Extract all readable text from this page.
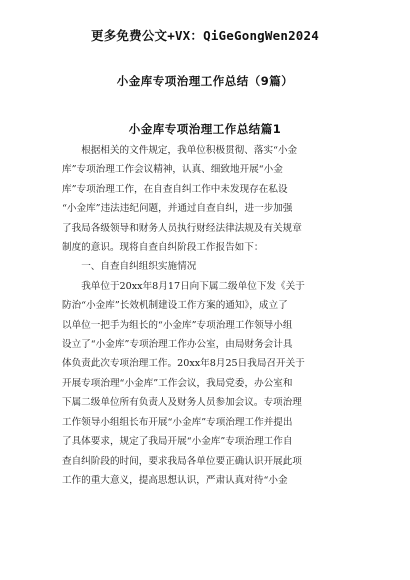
更多免费公文+VX：QiGeGongWen2024
小金库专项治理工作总结（9篇）
小金库专项治理工作总结篇1
根据相关的文件规定，我单位积极贯彻、落实“小金
库”专项治理工作会议精神，认真、细致地开展“小金
库”专项治理工作，在自查自纠工作中未发现存在私设
“小金库”违法违纪问题，并通过自查自纠，进一步加强
了我局各级领导和财务人员执行财经法律法规及有关规章
制度的意识。现将自查自纠阶段工作报告如下：
一、自查自纠组织实施情况
我单位于20xx年8月17日向下属二级单位下发《关于
防治“小金库”长效机制建设工作方案的通知》，成立了
以单位一把手为组长的“小金库”专项治理工作领导小组
设立了“小金库”专项治理工作办公室，由局财务会计具
体负责此次专项治理工作。20xx年8月25日我局召开关于
开展专项治理“小金库”工作会议，我局党委，办公室和
下属二级单位所有负责人及财务人员参加会议。专项治理
工作领导小组组长布开展“小金库”专项治理工作并提出
了具体要求，规定了我局开展“小金库”专项治理工作自
查自纠阶段的时间，要求我局各单位要正确认识开展此项
工作的重大意义，提高思想认识，严肃认真对待“小金
